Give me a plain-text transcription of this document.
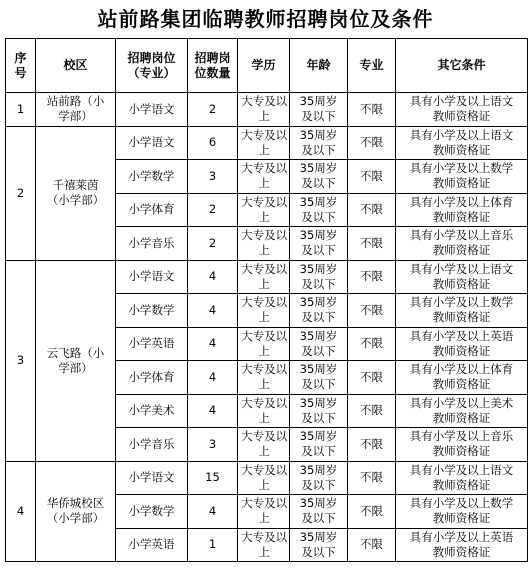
站前路集团临聘教师招聘岗位及条件
序号	校区	招聘岗位（专业）	招聘岗位数量	学历	年龄	专业	其它条件
1	站前路（小学部）	小学语文	2	大专及以上	35周岁及以下	不限	具有小学及以上语文教师资格证

2	千禧莱茵（小学部）	小学语文	6	大专及以上	35周岁及以下	不限	具有小学及以上语文教师资格证

		小学数学	3	大专及以上	35周岁及以下	不限	具有小学及以上数学教师资格证

		小学体育	2	大专及以上	35周岁及以下	不限	具有小学及以上体育教师资格证

		小学音乐	2	大专及以上	35周岁及以下	不限	具有小学及以上音乐教师资格证

3	云飞路（小学部）	小学语文	4	大专及以上	35周岁及以下	不限	具有小学及以上语文教师资格证

		小学数学	4	大专及以上	35周岁及以下	不限	具有小学及以上数学教师资格证

		小学英语	4	大专及以上	35周岁及以下	不限	具有小学及以上英语教师资格证

		小学体育	4	大专及以上	35周岁及以下	不限	具有小学及以上体育教师资格证

		小学美术	4	大专及以上	35周岁及以下	不限	具有小学及以上美术教师资格证

		小学音乐	3	大专及以上	35周岁及以下	不限	具有小学及以上音乐教师资格证

4	华侨城校区（小学部）	小学语文	15	大专及以上	35周岁及以下	不限	具有小学及以上语文教师资格证

		小学数学	4	大专及以上	35周岁及以下	不限	具有小学及以上数学教师资格证

		小学英语	1	大专及以上	35周岁及以下	不限	具有小学及以上英语教师资格证
